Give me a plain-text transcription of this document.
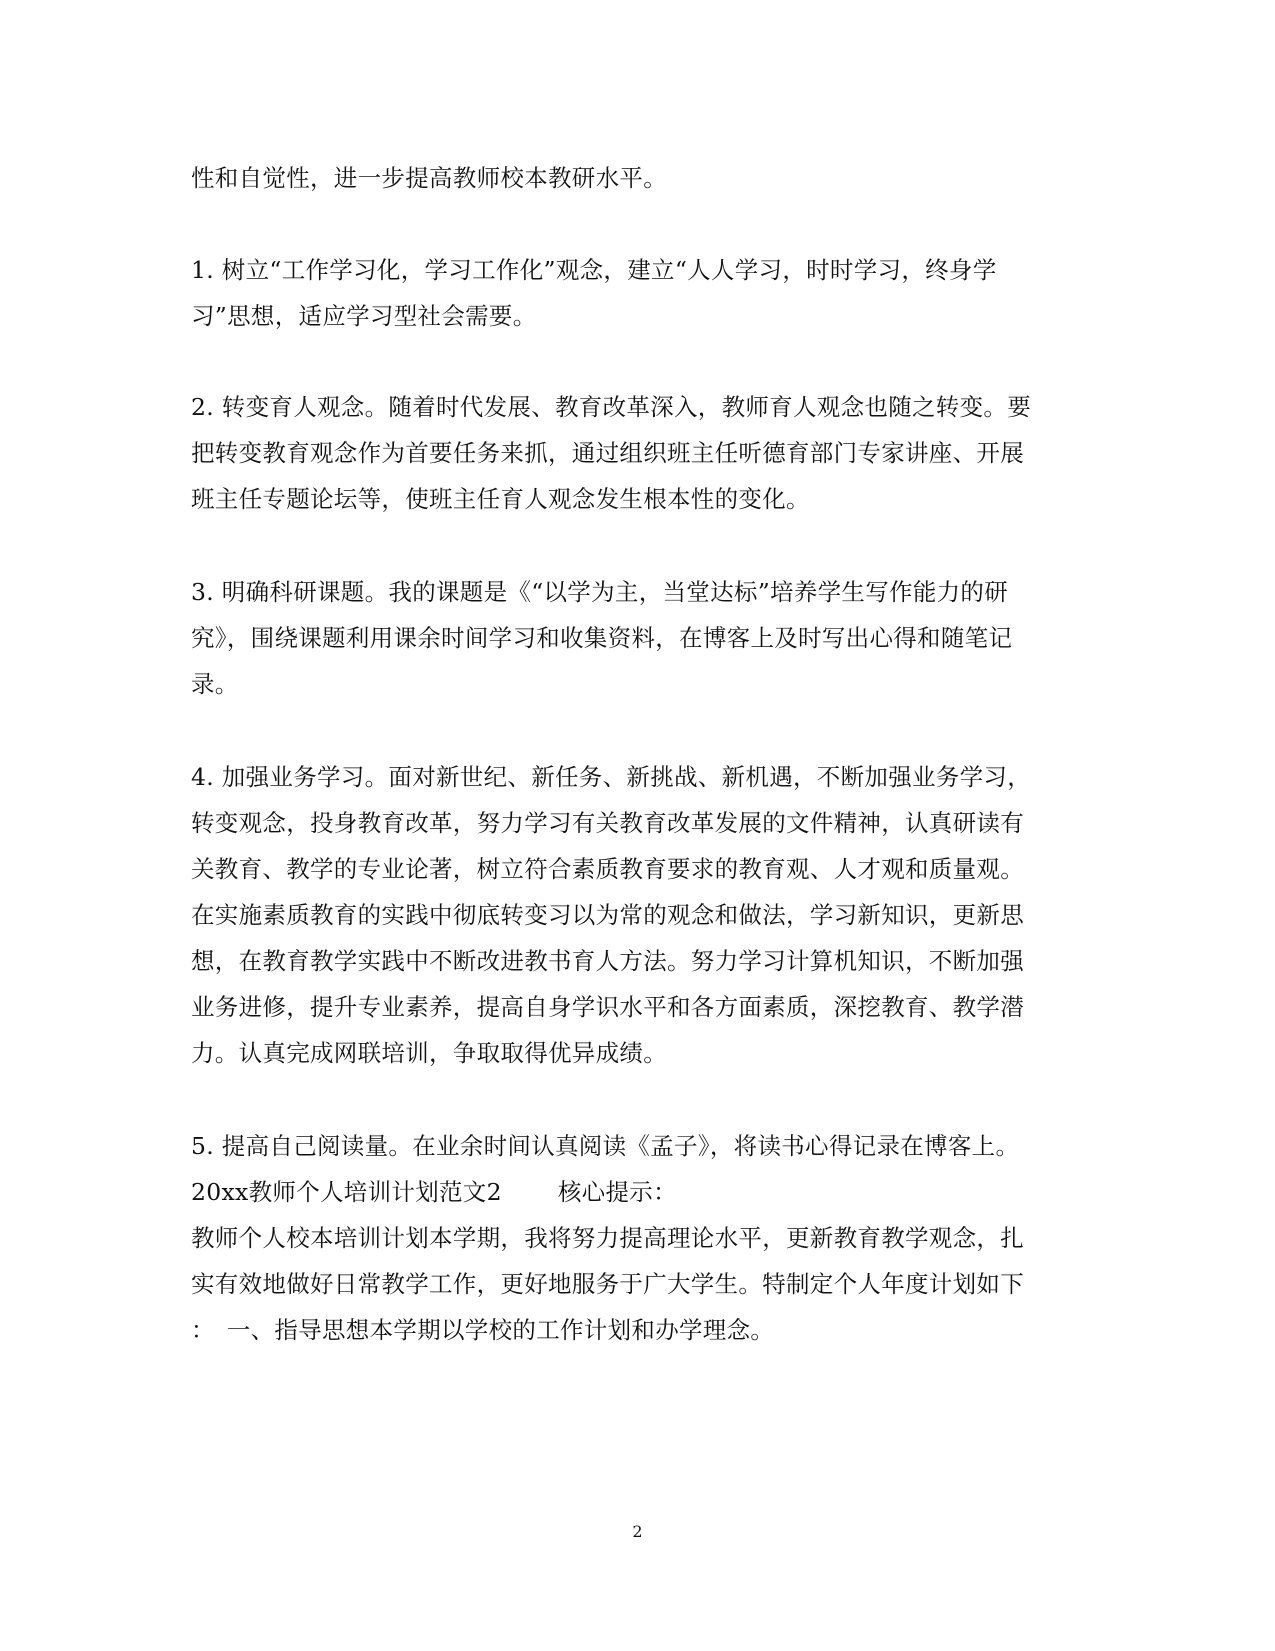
性和自觉性，进一步提高教师校本教研水平。
1. 树立“工作学习化，学习工作化”观念，建立“人人学习，时时学习，终身学
习”思想，适应学习型社会需要。
2. 转变育人观念。随着时代发展、教育改革深入，教师育人观念也随之转变。要
把转变教育观念作为首要任务来抓，通过组织班主任听德育部门专家讲座、开展
班主任专题论坛等，使班主任育人观念发生根本性的变化。
3. 明确科研课题。我的课题是《“以学为主，当堂达标”培养学生写作能力的研
究》，围绕课题利用课余时间学习和收集资料，在博客上及时写出心得和随笔记
录。
4. 加强业务学习。面对新世纪、新任务、新挑战、新机遇，不断加强业务学习，
转变观念，投身教育改革，努力学习有关教育改革发展的文件精神，认真研读有
关教育、教学的专业论著，树立符合素质教育要求的教育观、人才观和质量观。
在实施素质教育的实践中彻底转变习以为常的观念和做法，学习新知识，更新思
想，在教育教学实践中不断改进教书育人方法。努力学习计算机知识，不断加强
业务进修，提升专业素养，提高自身学识水平和各方面素质，深挖教育、教学潜
力。认真完成网联培训，争取取得优异成绩。
5. 提高自己阅读量。在业余时间认真阅读《孟子》，将读书心得记录在博客上。
20xx教师个人培训计划范文2 核心提示：
教师个人校本培训计划本学期，我将努力提高理论水平，更新教育教学观念，扎
实有效地做好日常教学工作，更好地服务于广大学生。特制定个人年度计划如下
： 一、指导思想本学期以学校的工作计划和办学理念。
2
